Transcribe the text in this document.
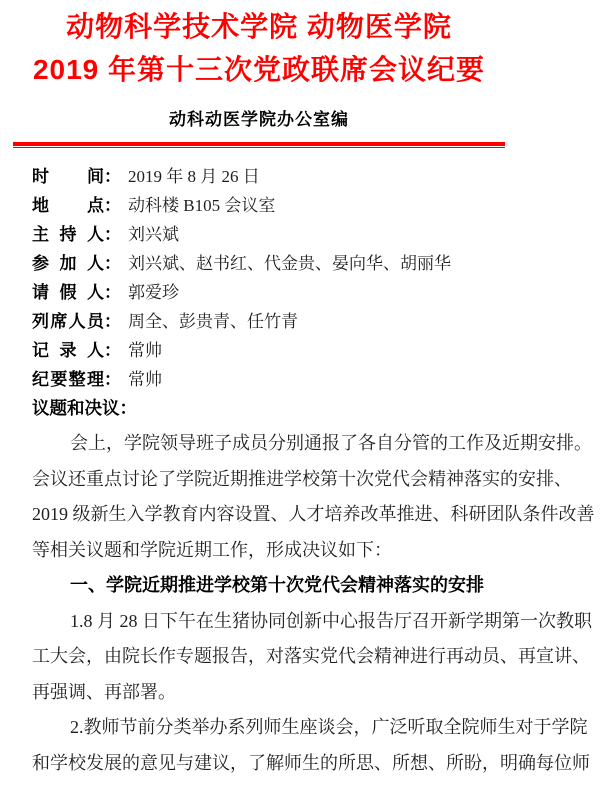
动物科学技术学院 动物医学院
2019 年第十三次党政联席会议纪要
动科动医学院办公室编
时 间 ： 2019 年 8 月 26 日
地 点 ： 动科楼 B105 会议室
主 持 人 ： 刘兴斌
参 加 人 ： 刘兴斌、赵书红、代金贵、晏向华、胡丽华
请 假 人 ： 郭爱珍
列 席 人 员 ： 周全、彭贵青、任竹青
记 录 人 ： 常帅
纪 要 整 理 ： 常帅
议题和决议：
会上，学院领导班子成员分别通报了各自分管的工作及近期安排。
会议还重点讨论了学院近期推进学校第十次党代会精神落实的安排、
2019 级新生入学教育内容设置、人才培养改革推进、科研团队条件改善
等相关议题和学院近期工作，形成决议如下：
一、学院近期推进学校第十次党代会精神落实的安排
1.8 月 28 日下午在生猪协同创新中心报告厅召开新学期第一次教职
工大会，由院长作专题报告，对落实党代会精神进行再动员、再宣讲、
再强调、再部署。
2.教师节前分类举办系列师生座谈会，广泛听取全院师生对于学院
和学校发展的意见与建议，了解师生的所思、所想、所盼，明确每位师
